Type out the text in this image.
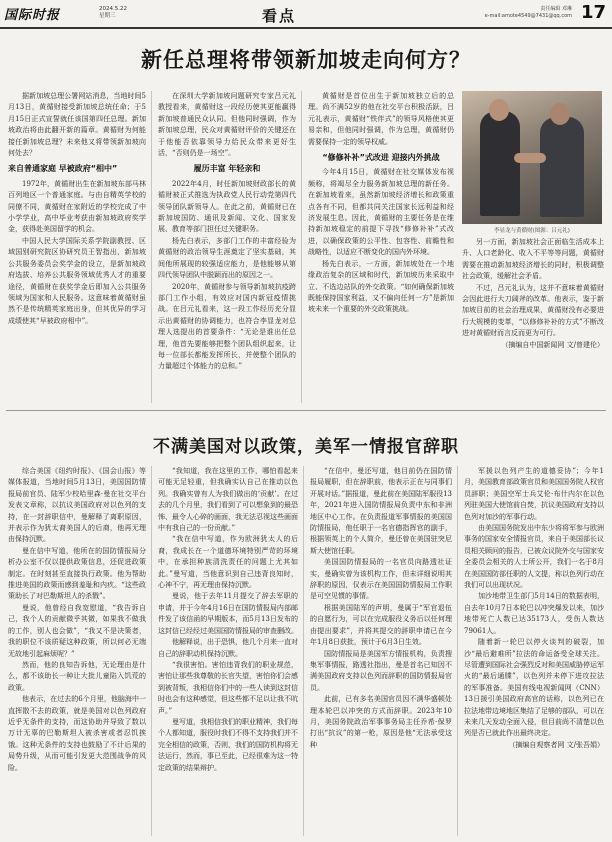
国际时报	2024.5.22
星期三	看点	责任编辑 邓琳
e-mail:amote4549@7431@qq.com 17
新任总理将带领新加坡走向何方？

据新加坡总理公署网站消息，当地时间5月13日，黄循财接受新加坡总统任命；于5月15日正式宣誓就任该国第四任总理。新加坡政治将由此翻开新的篇章。黄循财为何能接任新加坡总理？未来他又将带领新加坡向何处去？

来自普通家庭 早被政府“相中”

1972年，黄循财出生在新加坡东部马林百列地区一个普通家庭。与由自精英学校的同僚不同，黄循财在家附近的学校完成了中小学学业，高中毕业考获由新加坡政府奖学金，获得赴美国留学的机会。

中国人民大学国际关系学院副教授、区域国别研究院区协研究员王智指出，新加坡公共服务委员会奖学金的设立，是新加坡政府选拔、培养公共服务领域优秀人才的重要途径，黄循财在获奖学金后即加入公共服务领域为国家和人民服务。这意味着黄循财虽然不是传统精英家庭出身，但其优异的学习成绩使其“早被政府相中”。

在深圳大学新加坡问题研究专家吕元礼教授看来，黄循财这一段经历使其更能赢得新加坡普通民众认同。但他同时强调，作为新加坡总理，民众对黄循财评价的关键还在于他能否依靠领导力给民众带来更好生活，“否则仍是一场空”。

履历丰富 年轻亲和

2022年4月，时任新加坡财政部长的黄循财被正式推选为执政党人民行动党第四代领导团队新领导人。在此之前，黄循财已在新加坡国防、通讯及新闻、文化、国家发展、教育等部门担任过关键职务。

杨先白表示，多部门工作的丰富经验为黄循财的政治领导生涯奠定了坚实基础，其间他所展现的较强适应能力，是他能够从第四代领导团队中脱颖而出的原因之一。

2020年，黄循财参与领导新加坡抗疫跨部门工作小组，有效应对国内新冠疫情挑战。在吕元礼看来，这一段工作经历充分显示出黄循财的协调能力，也符合李显龙对总理人选提出的首要条件：“无论是谁出任总理，他首先要能够把整个团队组织起来，让每一位部长都能发挥所长，并使整个团队的力量超过个体能力的总和。”

黄循财是首位出生于新加坡独立后的总理。尚不满52岁的他在社交平台积极活跃，吕元礼表示，黄循财“铁伴式”的领导风格使其更易亲和，但他同时强调，作为总理，黄循财仍需要保持一定的领导权威。

“修修补补”式改进 迎接内外挑战

今年4月15日，黄循财在社交媒体发布视频称，将竭尽全力服务新加坡总理的新任务。在新加坡看来，虽然新加坡经济增长和政策重点各有不同，但都共同关注国家长远利益和经济发展生息。因此，黄循财的主要任务是在维持新加坡稳定的前提下寻找“修修补补”式改进，以确保政策的公平性、包容性、前瞻性和战略性，以适应不断变化的国内外环境。

杨先白表示，一方面，新加坡处在一个地缘政治复杂的区域和时代，新加坡历来采取中立、不选边站队的外交政策。“如何确保新加坡既能保持国家利益，又不偏向任何一方”是新加坡未来一个重要的外交政策挑战。

李显龙与黄循财(图源：吕元礼)

另一方面，新加坡社会正面临生活成本上升、人口老龄化、收入不平等等问题，黄循财需要在推动新加坡经济增长的同时，积极调整社会政策，缓解社会矛盾。

不过，吕元礼认为，这并不意味着黄循财会因此进行大刀阔斧的改革。他表示，鉴于新加坡目前的社会治理成果，黄循财没有必要进行大规模的变革，“以修修补补的方式”不断改进对黄循财而言反而更为可行。

（摘编自中国新闻网 文/曾建伦）

不满美国对以政策，美军一情报官辞职

综合美国《纽约时报》、《国会山报》等媒体报道，当地时间5月13日，美国国防情报局前官员、陆军少校哈里森·曼在社交平台发表文章称，以抗议美国政府对以色列的支持，在一封辞职信中，曼解释了离职原因，并表示作为犹太裔美国人的后裔，他再无理由保持沉默。

曼在信中写道，他所在的国防情报局分析办公室不仅以提供政策信息，还促进政策制定。在时刻甚至直接执行政策。他为帮助推进美国的政策而感到羞耻和内疚。“这些政策助长了对巴勒斯坦人的杀戮”。

曼说，他曾经自我宽慰道，“我告诉自己，我个人的贡献微乎其微，如果我不做我的工作，别人也会做”，“我又不是决策者，我的职位不该质疑这种政策，所以何必无端无故地引起麻烦呢？”

然而，他的良知告诉他，无论理由是什么，都不该助长一种让大批儿童陷入饥荒的政策。

他表示，在过去的6个月里，他脑海中一直挥散不去的政策，就是美国对以色列政府近乎无条件的支持，而这协助并导致了数以万计无辜的巴勒斯坦人被杀害或者忍饥挨饿。这种无条件的支持也鼓励了不计后果的局势升级，从而可能引发更大范围战争的风险。

“我知道，我在这里的工作，哪怕看起来可能无足轻重，但我确实认自己在推动以色列。我确实曾有人为我们做出的‘贡献’。在过去的几个月里，我们看到了可以想象到的最恐怖、最令人心碎的画面，我无法忍视这些画面中有我自己的一份贡献。”

“我在信中写道，作为欧洲犹太人的后裔，我成长在一个道德环境特别严苛的环境中，在承担种族清洗责任的问题上尤其如此。”曼写道，当他意识到自己违背良知时，心神不宁，再无理由保持沉默。

曼说，他于去年11月提交了辞去军职的申请，并于今年4月16日在国防情报局内部邮件发了该信函的早期版本，而5月13日发布的这封信已经经过美国国防情报局的审查删改。

他解释说，出于恐惧，他几个月来一直对自己的辞职动机保持沉默。

“我很害怕。害怕违背我们的职业规范，害怕让那些我尊敬的长官失望，害怕你们会感到被背叛，我相信你们中的一些人读到这封信时也会有这种感觉，但这些都不足以让我不吭声。”

曼写道，我相信我们的职业精神，我们每个人都知道，服役时我们不得不支持我们并不完全相信的政策，否则，我们的国防机构将无法运行，然而，事已至此，已经很难为这一特定政策的结果辩护。

“在信中，曼还写道，他目前仍在国防情报局履职，但在辞职前，他表示正在与同事们开展对话。”据报道，曼此前在美国陆军服役13年，2021年进入国防情报局负责中东和非洲地区中心工作。在负责报道军事情报的美国国防情报局，他任职于一名官德指挥官的副手，根据领英上的个人简介，曼还曾在美国驻突尼斯大使馆任职。

美国国防情报局的一名官员向路透社证实，曼确实曾为该机构工作，但未详细说明其辞职的原因，仅表示在美国国防情报局工作职是可空见惯的事情。

根据美国陆军的声明，曼属于“军官退伍的自愿行为，可以在完成服役义务后以任何理由提出要求”，并将其提交的辞职申请已在今年1月8日获批，预计于6月3日生效。

国防情报局是美国军方情报机构，负责搜集军事情报，路透社指出，曼是首名已知因不满美国政府支持以色列而辞职的国防情报局官员。

此前，已有多名美国官员因不满华盛顿处理本轮巴以冲突的方式而辞职。2023年10月，美国务院政治军事事务局主任乔希·保罗打出“抗议”的第一枪，原因是他“无法承受这种

军援以色列产生的道德妥协”；今年1月，美国教育部政策官员和美国国务院人权官员辞职；美国空军士兵艾伦·布什内尔在以色列驻美国大使馆前自焚，抗议美国政府支持以色列对加沙的军事行动。

由美国国务院发出中东少将将军参与欧洲事务的国家安全情报官员，来自于美国部长议员相关顾问的报告，已被众议院外交与国家安全委员会相关的人士所公开，我们一名于8月在美国国防部任职的人文提，称以色列行动在我们可以出现状况。

加沙地带卫生部门5月14日的数据表明，自去年10月7日本轮巴以冲突爆发以来，加沙地带死亡人数已达35173人，受伤人数达79061人。

随着新一轮巴以停火谈判的破裂，加沙“最后避难所”拉法的命运备受全球关注。尽管遭到国际社会强烈反对和美国威胁停运军火的“最后通牒”，以色列并未停下进攻拉法的军事准备。美国有线电视新闻网（CNN）13日援引美国政府高官的话称，以色列已在拉法地带边境地区集结了足够的部队，可以在未来几天发动全面入侵，但目前尚不清楚以色列是否已就此作出最终决定。

（摘编自观察者网 文/张吾娟）
